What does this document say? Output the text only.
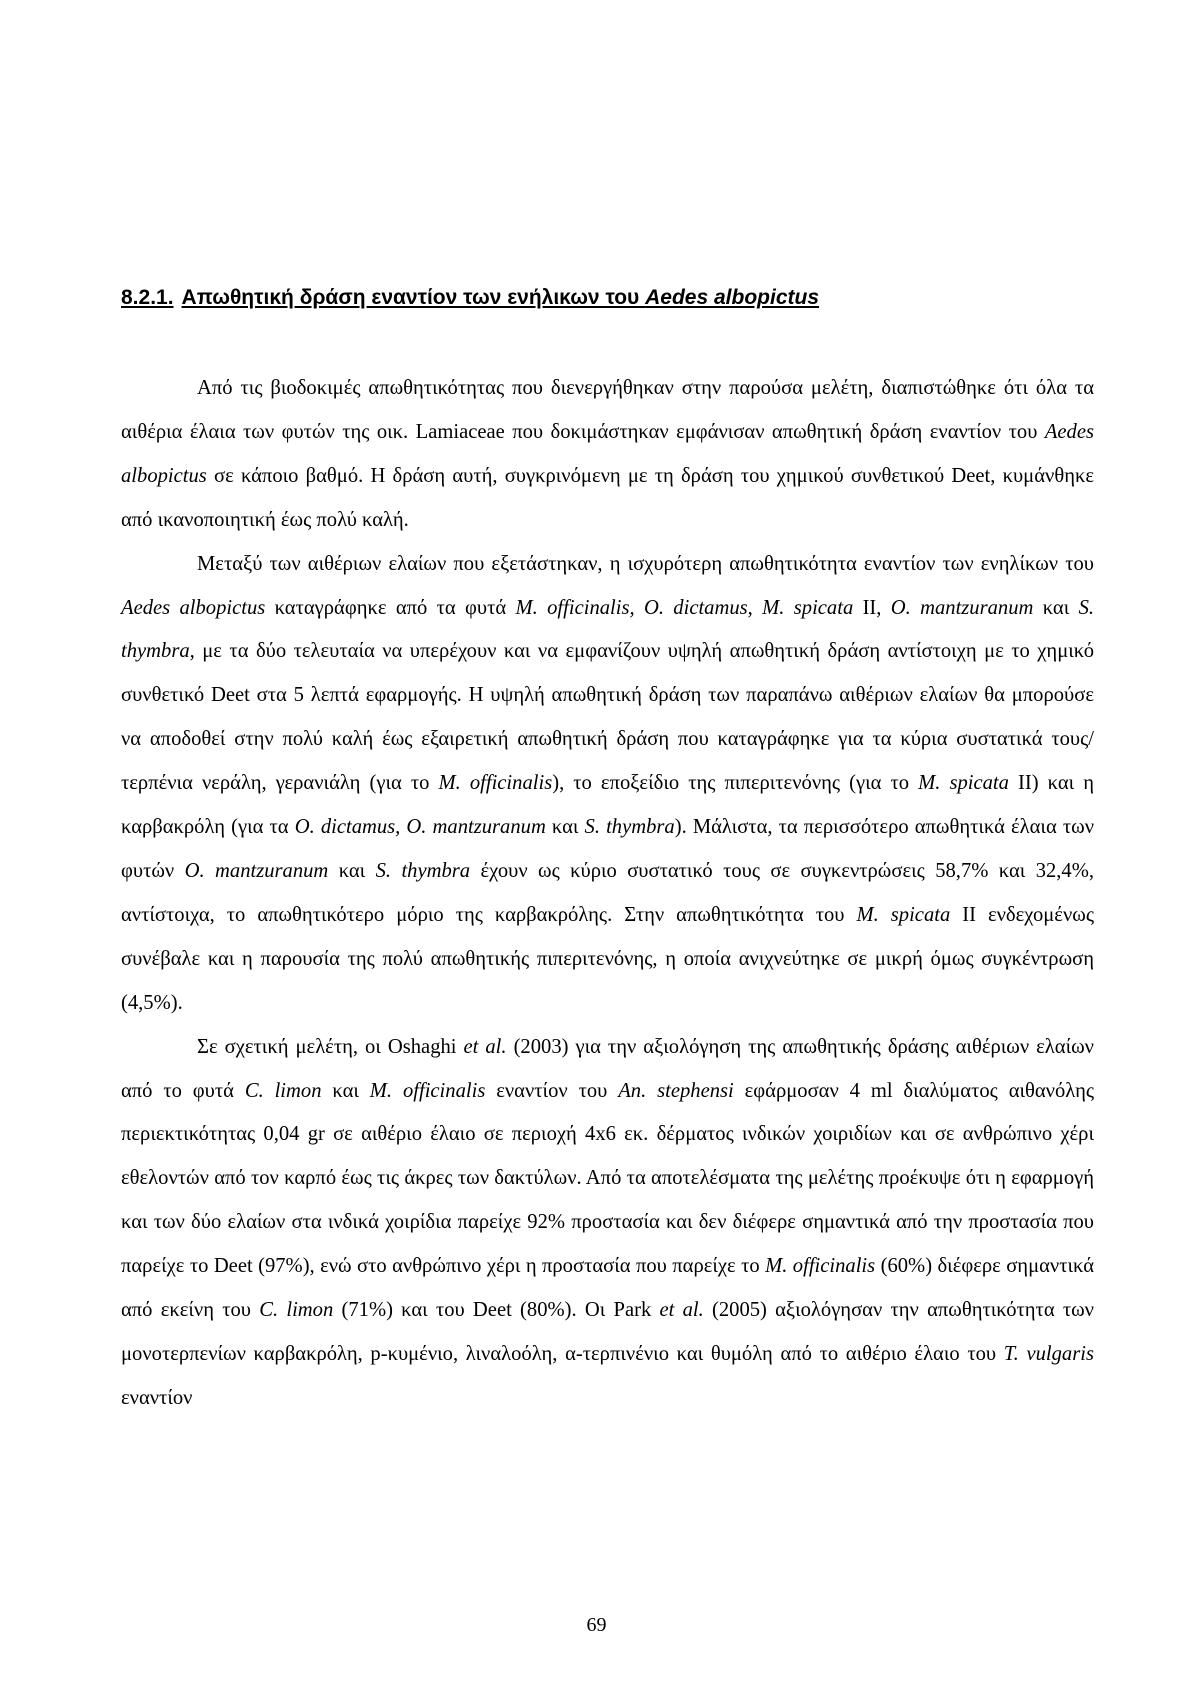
8.2.1. Απωθητική δράση εναντίον των ενήλικων του Aedes albopictus

Από τις βιοδοκιμές απωθητικότητας που διενεργήθηκαν στην παρούσα μελέτη, διαπιστώθηκε ότι όλα τα αιθέρια έλαια των φυτών της οικ. Lamiaceae που δοκιμάστηκαν εμφάνισαν απωθητική δράση εναντίον του Aedes albopictus σε κάποιο βαθμό. Η δράση αυτή, συγκρινόμενη με τη δράση του χημικού συνθετικού Deet, κυμάνθηκε από ικανοποιητική έως πολύ καλή.

Μεταξύ των αιθέριων ελαίων που εξετάστηκαν, η ισχυρότερη απωθητικότητα εναντίον των ενηλίκων του Aedes albopictus καταγράφηκε από τα φυτά M. officinalis, O. dictamus, M. spicata II, O. mantzuranum και S. thymbra, με τα δύο τελευταία να υπερέχουν και να εμφανίζουν υψηλή απωθητική δράση αντίστοιχη με το χημικό συνθετικό Deet στα 5 λεπτά εφαρμογής. Η υψηλή απωθητική δράση των παραπάνω αιθέριων ελαίων θα μπορούσε να αποδοθεί στην πολύ καλή έως εξαιρετική απωθητική δράση που καταγράφηκε για τα κύρια συστατικά τους/τερπένια νεράλη, γερανιάλη (για το M. officinalis), το εποξείδιο της πιπεριτενόνης (για το M. spicata II) και η καρβακρόλη (για τα O. dictamus, O. mantzuranum και S. thymbra). Μάλιστα, τα περισσότερο απωθητικά έλαια των φυτών O. mantzuranum και S. thymbra έχουν ως κύριο συστατικό τους σε συγκεντρώσεις 58,7% και 32,4%, αντίστοιχα, το απωθητικότερο μόριο της καρβακρόλης. Στην απωθητικότητα του M. spicata II ενδεχομένως συνέβαλε και η παρουσία της πολύ απωθητικής πιπεριτενόνης, η οποία ανιχνεύτηκε σε μικρή όμως συγκέντρωση (4,5%).

Σε σχετική μελέτη, οι Oshaghi et al. (2003) για την αξιολόγηση της απωθητικής δράσης αιθέριων ελαίων από το φυτά C. limon και M. officinalis εναντίον του An. stephensi εφάρμοσαν 4 ml διαλύματος αιθανόλης περιεκτικότητας 0,04 gr σε αιθέριο έλαιο σε περιοχή 4x6 εκ. δέρματος ινδικών χοιριδίων και σε ανθρώπινο χέρι εθελοντών από τον καρπό έως τις άκρες των δακτύλων. Από τα αποτελέσματα της μελέτης προέκυψε ότι η εφαρμογή και των δύο ελαίων στα ινδικά χοιρίδια παρείχε 92% προστασία και δεν διέφερε σημαντικά από την προστασία που παρείχε το Deet (97%), ενώ στο ανθρώπινο χέρι η προστασία που παρείχε το M. officinalis (60%) διέφερε σημαντικά από εκείνη του C. limon (71%) και του Deet (80%). Οι Park et al. (2005) αξιολόγησαν την απωθητικότητα των μονοτερπενίων καρβακρόλη, p-κυμένιο, λιναλοόλη, α-τερπινένιο και θυμόλη από το αιθέριο έλαιο του T. vulgaris εναντίον

69
